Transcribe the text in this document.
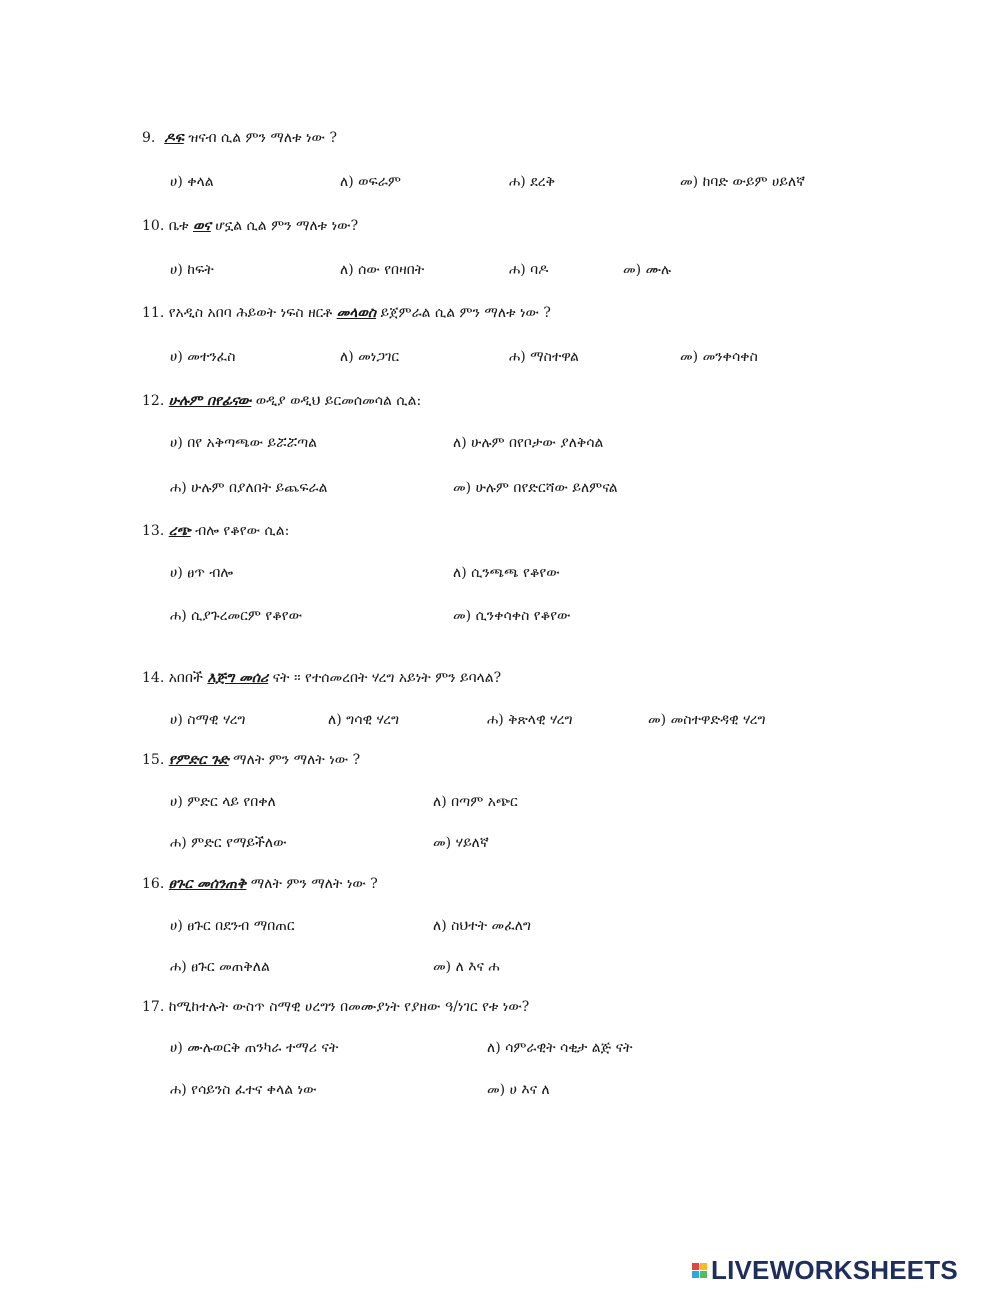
9. ዶፍ ዝናብ ሲል ምን ማለቱ ነው ?
ሀ) ቀላል	ለ) ወፍራም	ሐ) ደረቅ	መ) ከባድ ውይም ሀይለኛ
10. ቤቱ ወና ሆኗል ሲል ምን ማለቱ ነው?
ሀ) ከፍት	ለ) ሰው የበዛበት	ሐ) ባዶ	መ) ሙሉ
11. የአዲስ አበባ ሕይወት ነፍስ ዘርቶ መላወስ ይጀምራል ሲል ምን ማለቱ ነው ?
ሀ) መተንፈስ	ለ) መነጋገር	ሐ) ማስተዋል	መ) መንቀሳቀስ
12. ሁሉም በየፊናው ወዲያ ወዲህ ይርመሰመሳል ሲል:
ሀ) በየ አቅጣጫው ይሯሯጣል	ለ) ሁሉም በየቦታው ያለቅሳል
ሐ) ሁሉም በያለበት ይጨፍራል	መ) ሁሉም በየድርሻው ይለምናል
13. ረጭ ብሎ የቆየው ሲል:
ሀ) ፀጥ ብሎ	ለ) ሲንጫጫ የቆየው
ሐ) ሲያጉረመርም የቆየው	መ) ሲንቀሳቀስ የቆየው
14. አበበች እጅግ መሰሪ ናት ፡፡ የተሰመረበት ሃረግ አይነት ምን ይባላል?
ሀ) ስማዊ ሃረግ	ለ) ግሳዊ ሃረግ	ሐ) ቅጽላዊ ሃረግ	መ) መስተዋድዳዊ ሃረግ
15. የምድር ጉድ ማለት ምን ማለት ነው ?
ሀ) ምድር ላይ የበቀለ	ለ) በጣም አጭር
ሐ) ምድር የማይችለው	መ) ሃይለኛ
16. ፀጉር መሰንጠቅ ማለት ምን ማለት ነው ?
ሀ) ፀጉር በደንብ ማበጠር	ለ) ስህተት መፈለግ
ሐ) ፀጉር መጠቅለል	መ) ለ እና ሐ
17. ከሚከተሉት ውስጥ ስማዊ ሀረግን በመሙያነት የያዘው ዓ/ነገር የቱ ነው?
ሀ) ሙሉወርቅ ጠንካራ ተማሪ ናት	ለ) ሳምራዊት ሳቂታ ልጅ ናት
ሐ) የሳይንስ ፈተና ቀላል ነው	መ) ሀ እና ለ
LIVEWORKSHEETS
